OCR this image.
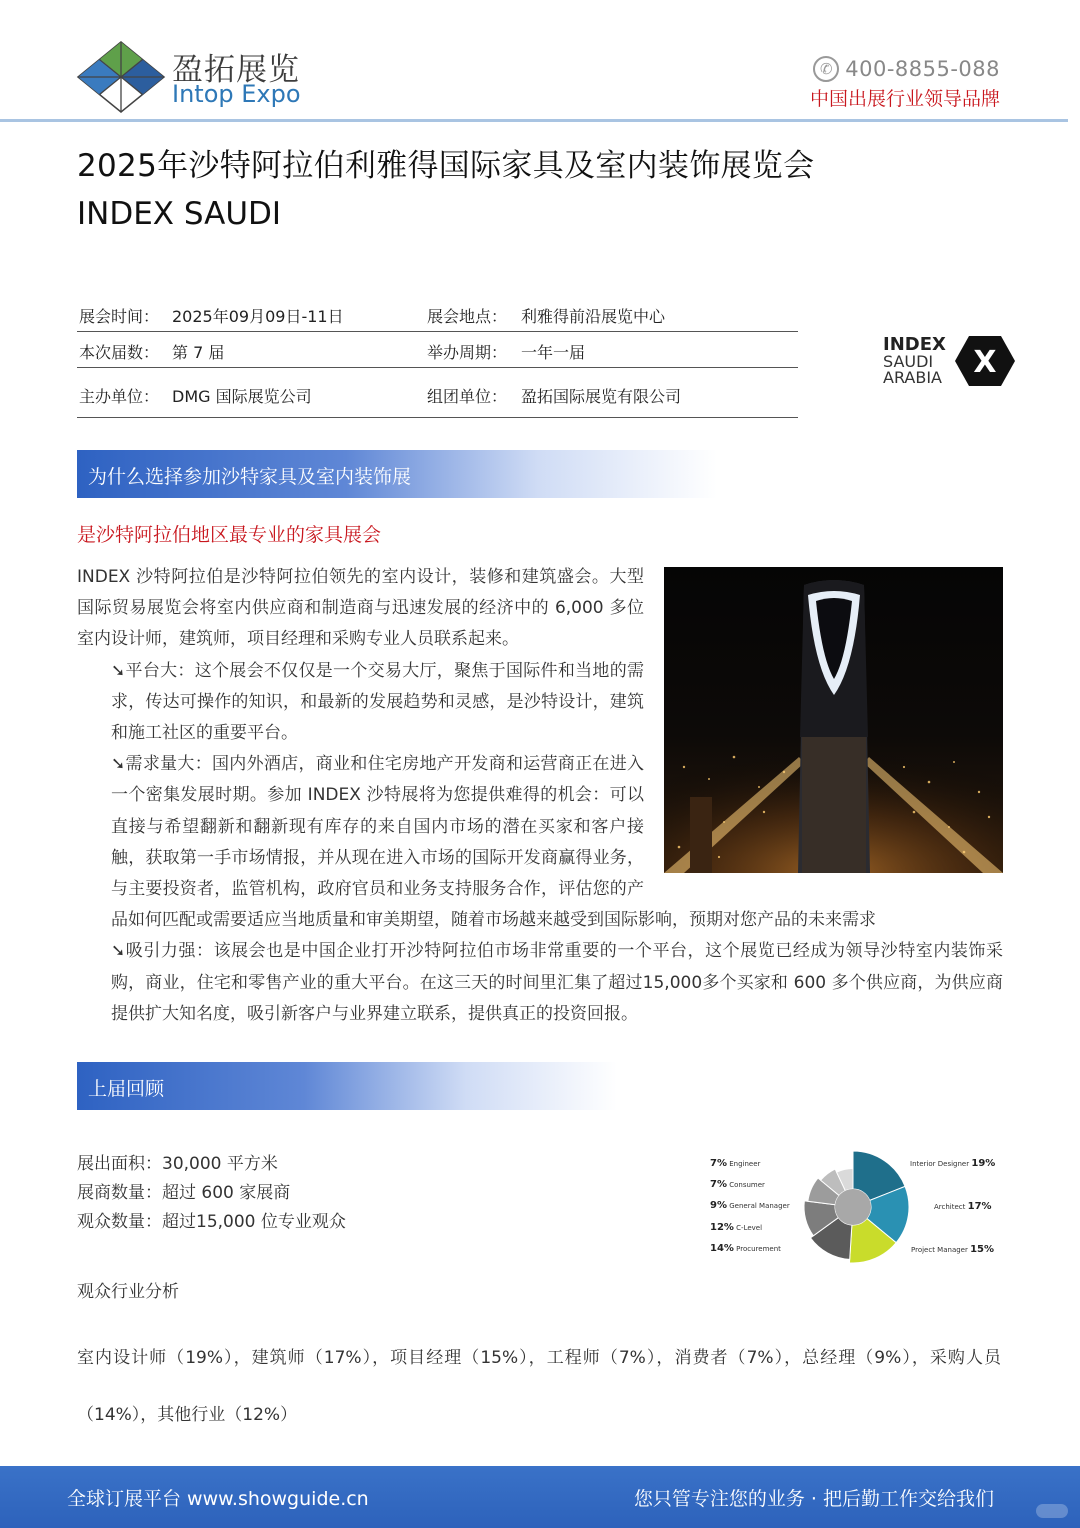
盈拓展览
Intop Expo
✆ 400-8855-088
中国出展行业领导品牌
2025年沙特阿拉伯利雅得国际家具及室内装饰展览会
INDEX SAUDI
展会时间： 2025年09月09日-11日	展会地点： 利雅得前沿展览中心
本次届数： 第 7 届	举办周期： 一年一届
主办单位： DMG 国际展览公司	组团单位： 盈拓国际展览有限公司
INDEX
SAUDI
ARABIA X
为什么选择参加沙特家具及室内装饰展
是沙特阿拉伯地区最专业的家具展会

INDEX 沙特阿拉伯是沙特阿拉伯领先的室内设计，装修和建筑盛会。大型国际贸易展览会将室内供应商和制造商与迅速发展的经济中的 6,000 多位室内设计师，建筑师，项目经理和采购专业人员联系起来。

➘平台大：这个展会不仅仅是一个交易大厅，聚焦于国际件和当地的需求，传达可操作的知识，和最新的发展趋势和灵感，是沙特设计，建筑和施工社区的重要平台。

➘需求量大：国内外酒店，商业和住宅房地产开发商和运营商正在进入一个密集发展时期。参加 INDEX 沙特展将为您提供难得的机会：可以直接与希望翻新和翻新现有库存的来自国内市场的潜在买家和客户接触，获取第一手市场情报，并从现在进入市场的国际开发商赢得业务，与主要投资者，监管机构，政府官员和业务支持服务合作，评估您的产品如何匹配或需要适应当地质量和审美期望，随着市场越来越受到国际影响，预期对您产品的未来需求

➘吸引力强：该展会也是中国企业打开沙特阿拉伯市场非常重要的一个平台，这个展览已经成为领导沙特室内装饰采购，商业，住宅和零售产业的重大平台。在这三天的时间里汇集了超过15,000多个买家和 600 多个供应商，为供应商提供扩大知名度，吸引新客户与业界建立联系，提供真正的投资回报。

上届回顾
展出面积：30,000 平方米
展商数量：超过 600 家展商
观众数量：超过15,000 位专业观众
7% Engineer
7% Consumer
9% General Manager
12% C-Level
14% Procurement
Interior Designer 19%
Architect 17%
Project Manager 15%
观众行业分析
室内设计师（19%），建筑师（17%），项目经理（15%），工程师（7%），消费者（7%），总经理（9%），采购人员（14%），其他行业（12%）
全球订展平台 www.showguide.cn	您只管专注您的业务 · 把后勤工作交给我们
